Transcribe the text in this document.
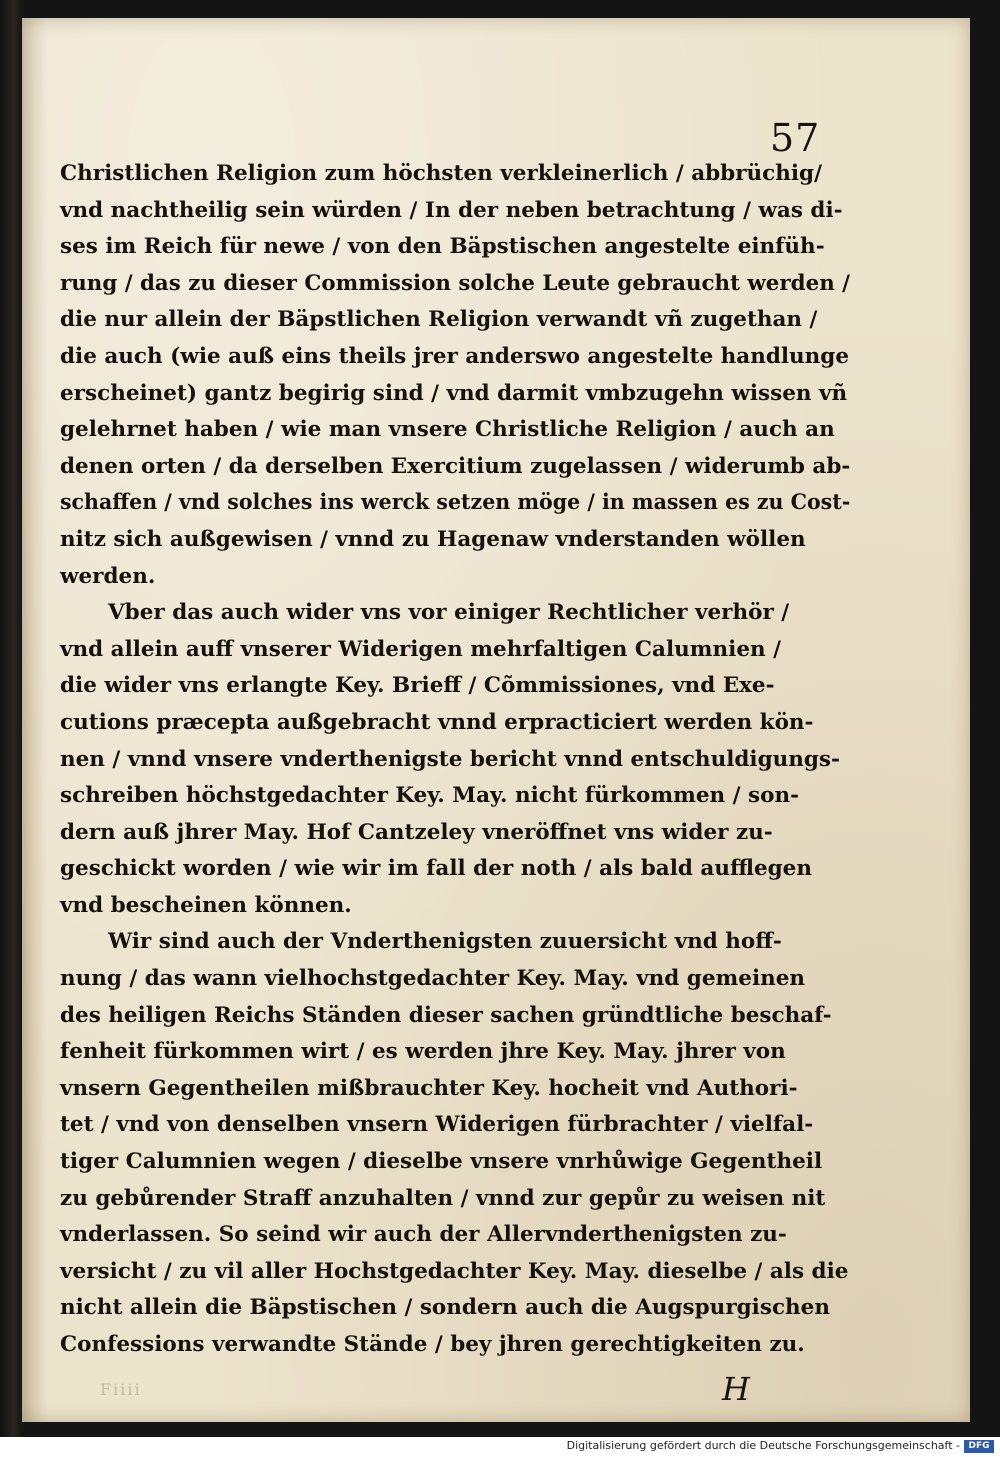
57
Christlichen Religion zum höchsten verkleinerlich / abbrüchig/
vnd nachtheilig sein würden / In der neben betrachtung / was di-
ses im Reich für newe / von den Bäpstischen angestelte einfüh-
rung / das zu dieser Commission solche Leute gebraucht werden /
die nur allein der Bäpstlichen Religion verwandt vñ zugethan /
die auch (wie auß eins theils jrer anderswo angestelte handlunge
erscheinet) gantz begirig sind / vnd darmit vmbzugehn wissen vñ
gelehrnet haben / wie man vnsere Christliche Religion / auch an
denen orten / da derselben Exercitium zugelassen / widerumb ab-
schaffen / vnd solches ins werck setzen möge / in massen es zu Cost-
nitz sich außgewisen / vnnd zu Hagenaw vnderstanden wöllen
werden.
Vber das auch wider vns vor einiger Rechtlicher verhör /
vnd allein auff vnserer Widerigen mehrfaltigen Calumnien /
die wider vns erlangte Key. Brieff / Cõmmissiones, vnd Exe-
cutions præcepta außgebracht vnnd erpracticiert werden kön-
nen / vnnd vnsere vnderthenigste bericht vnnd entschuldigungs-
schreiben höchstgedachter Key. May. nicht fürkommen / son-
dern auß jhrer May. Hof Cantzeley vneröffnet vns wider zu-
geschickt worden / wie wir im fall der noth / als bald aufflegen
vnd bescheinen können.
Wir sind auch der Vnderthenigsten zuuersicht vnd hoff-
nung / das wann vielhochstgedachter Key. May. vnd gemeinen
des heiligen Reichs Ständen dieser sachen gründtliche beschaf-
fenheit fürkommen wirt / es werden jhre Key. May. jhrer von
vnsern Gegentheilen mißbrauchter Key. hocheit vnd Authori-
tet / vnd von denselben vnsern Widerigen fürbrachter / vielfal-
tiger Calumnien wegen / dieselbe vnsere vnrhůwige Gegentheil
zu gebůrender Straff anzuhalten / vnnd zur gepůr zu weisen nit
vnderlassen. So seind wir auch der Allervnderthenigsten zu-
versicht / zu vil aller Hochstgedachter Key. May. dieselbe / als die
nicht allein die Bäpstischen / sondern auch die Augspurgischen
Confessions verwandte Stände / bey jhren gerechtigkeiten zu.
Fiiii	H
Digitalisierung gefördert durch die Deutsche Forschungsgemeinschaft - DFG
